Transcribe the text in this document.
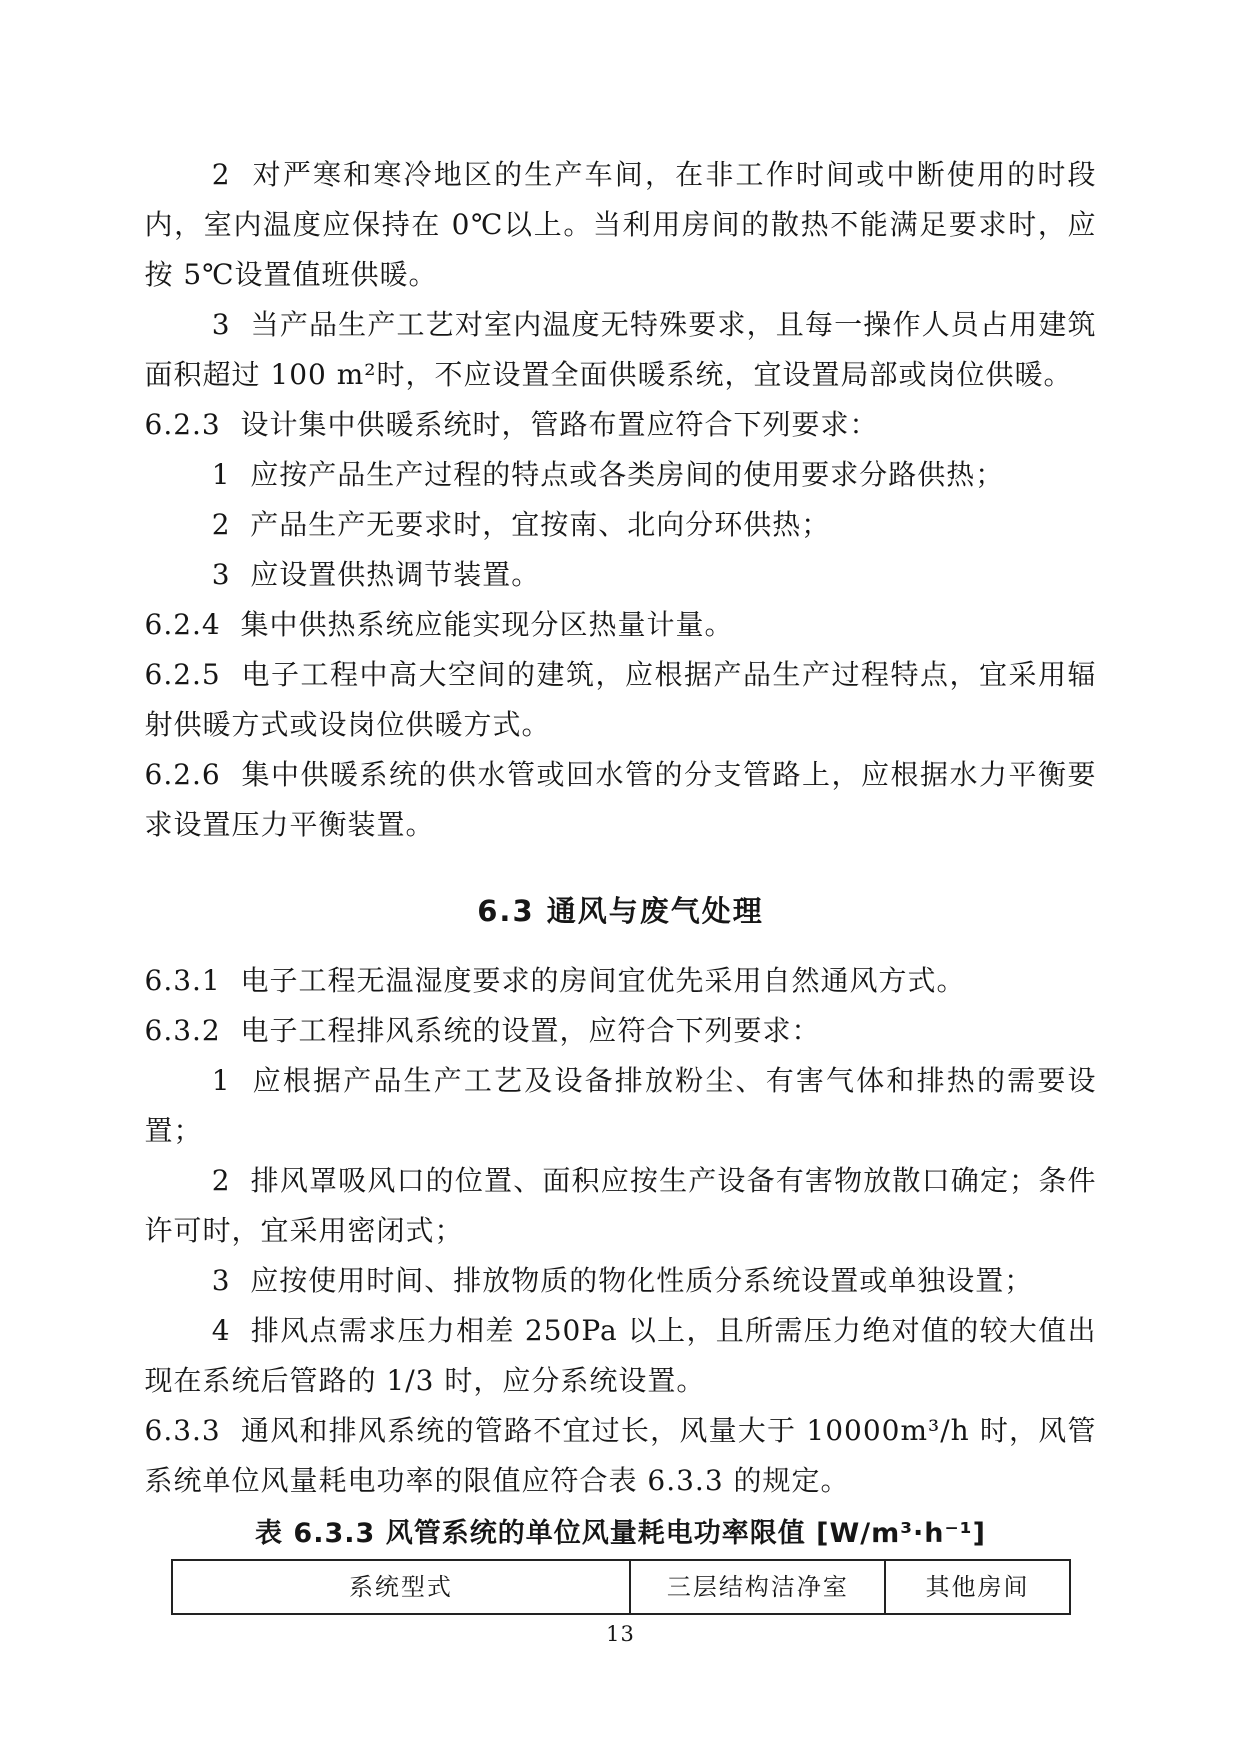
2  对严寒和寒冷地区的生产车间，在非工作时间或中断使用的时段内，室内温度应保持在 0℃以上。当利用房间的散热不能满足要求时，应按 5℃设置值班供暖。

3  当产品生产工艺对室内温度无特殊要求，且每一操作人员占用建筑面积超过 100 m²时，不应设置全面供暖系统，宜设置局部或岗位供暖。

6.2.3  设计集中供暖系统时，管路布置应符合下列要求：

1  应按产品生产过程的特点或各类房间的使用要求分路供热；

2  产品生产无要求时，宜按南、北向分环供热；

3  应设置供热调节装置。

6.2.4  集中供热系统应能实现分区热量计量。

6.2.5  电子工程中高大空间的建筑，应根据产品生产过程特点，宜采用辐射供暖方式或设岗位供暖方式。

6.2.6  集中供暖系统的供水管或回水管的分支管路上，应根据水力平衡要求设置压力平衡装置。

6.3 通风与废气处理

6.3.1  电子工程无温湿度要求的房间宜优先采用自然通风方式。

6.3.2  电子工程排风系统的设置，应符合下列要求：

1  应根据产品生产工艺及设备排放粉尘、有害气体和排热的需要设置；

2  排风罩吸风口的位置、面积应按生产设备有害物放散口确定；条件许可时，宜采用密闭式；

3  应按使用时间、排放物质的物化性质分系统设置或单独设置；

4  排风点需求压力相差 250Pa 以上，且所需压力绝对值的较大值出现在系统后管路的 1/3 时，应分系统设置。

6.3.3  通风和排风系统的管路不宜过长，风量大于 10000m³/h 时，风管系统单位风量耗电功率的限值应符合表 6.3.3 的规定。

表 6.3.3 风管系统的单位风量耗电功率限值 [W/m³·h⁻¹]
系统型式	三层结构洁净室	其他房间
13
